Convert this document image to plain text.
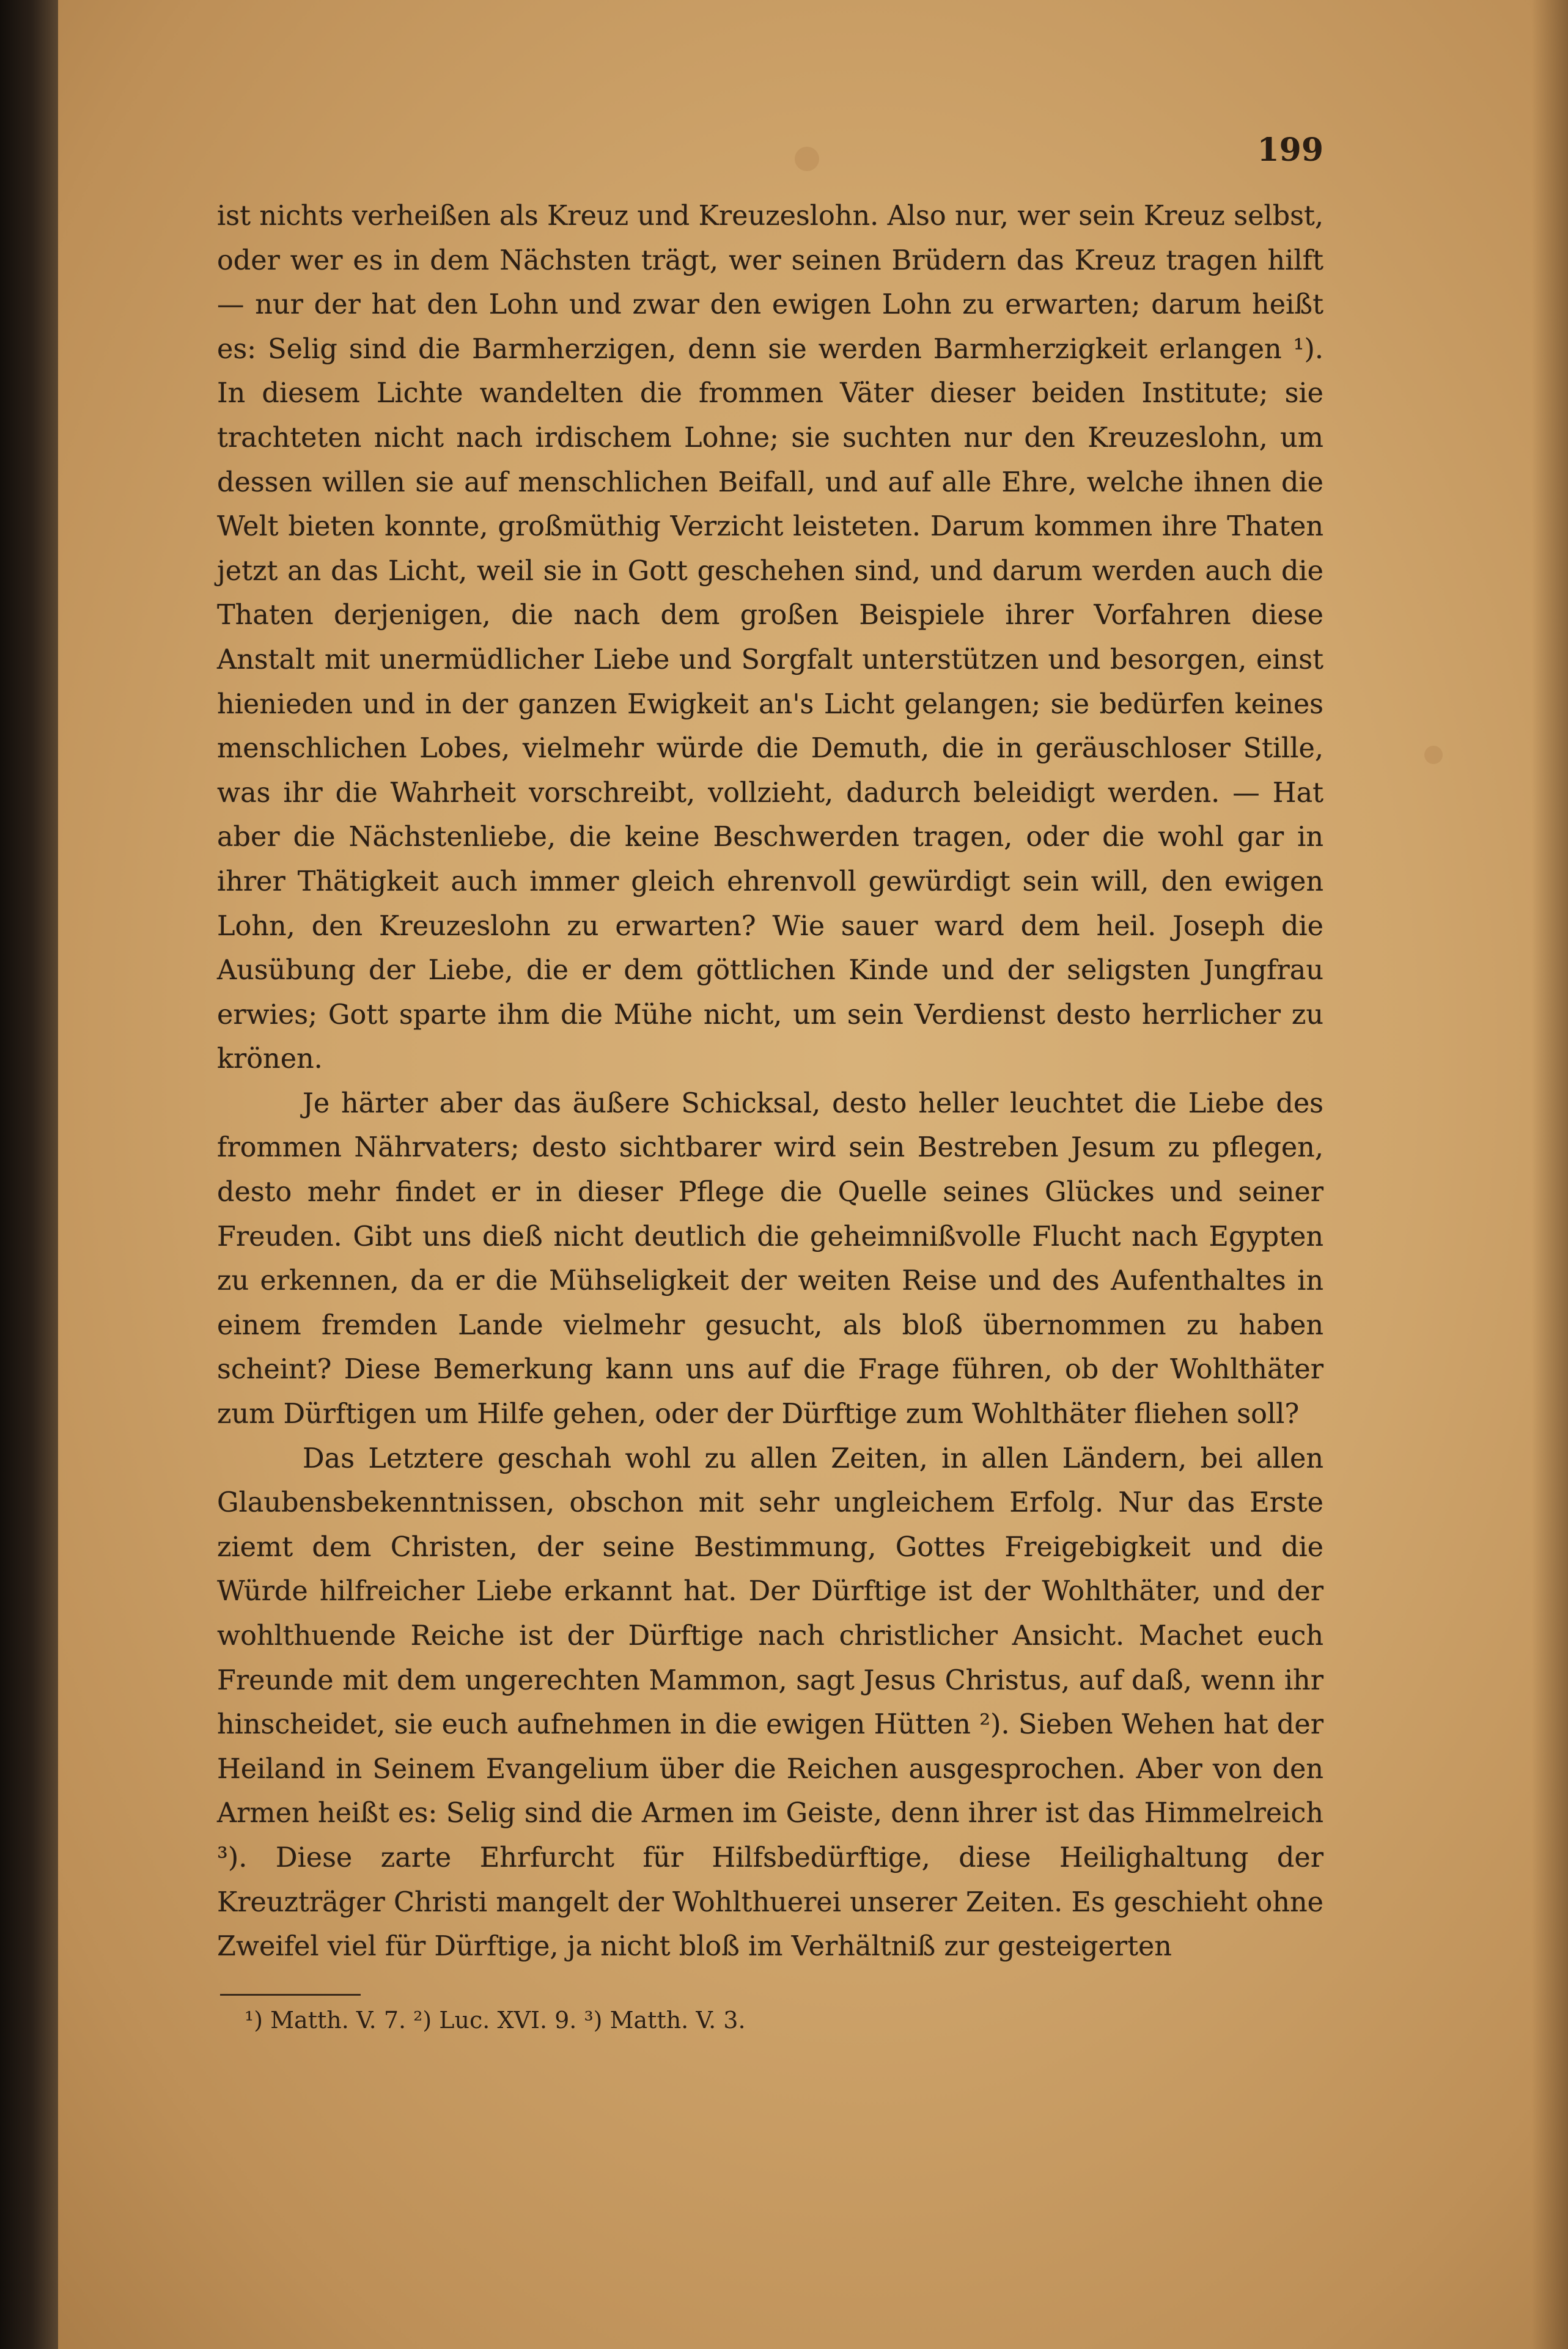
199

ist nichts verheißen als Kreuz und Kreuzeslohn. Also nur, wer sein Kreuz selbst, oder wer es in dem Nächsten trägt, wer seinen Brüdern das Kreuz tragen hilft — nur der hat den Lohn und zwar den ewigen Lohn zu erwarten; darum heißt es: Selig sind die Barmherzigen, denn sie werden Barmherzigkeit erlangen ¹). In diesem Lichte wandelten die frommen Väter dieser beiden Institute; sie trachteten nicht nach irdischem Lohne; sie suchten nur den Kreuzeslohn, um dessen willen sie auf menschlichen Beifall, und auf alle Ehre, welche ihnen die Welt bieten konnte, großmüthig Verzicht leisteten. Darum kommen ihre Thaten jetzt an das Licht, weil sie in Gott geschehen sind, und darum werden auch die Thaten derjenigen, die nach dem großen Beispiele ihrer Vorfahren diese Anstalt mit unermüdlicher Liebe und Sorgfalt unterstützen und besorgen, einst hienieden und in der ganzen Ewigkeit an's Licht gelangen; sie bedürfen keines menschlichen Lobes, vielmehr würde die Demuth, die in geräuschloser Stille, was ihr die Wahrheit vorschreibt, vollzieht, dadurch beleidigt werden. — Hat aber die Nächstenliebe, die keine Beschwerden tragen, oder die wohl gar in ihrer Thätigkeit auch immer gleich ehrenvoll gewürdigt sein will, den ewigen Lohn, den Kreuzeslohn zu erwarten? Wie sauer ward dem heil. Joseph die Ausübung der Liebe, die er dem göttlichen Kinde und der seligsten Jungfrau erwies; Gott sparte ihm die Mühe nicht, um sein Verdienst desto herrlicher zu krönen.

Je härter aber das äußere Schicksal, desto heller leuchtet die Liebe des frommen Nährvaters; desto sichtbarer wird sein Bestreben Jesum zu pflegen, desto mehr findet er in dieser Pflege die Quelle seines Glückes und seiner Freuden. Gibt uns dieß nicht deutlich die geheimnißvolle Flucht nach Egypten zu erkennen, da er die Mühseligkeit der weiten Reise und des Aufenthaltes in einem fremden Lande vielmehr gesucht, als bloß übernommen zu haben scheint? Diese Bemerkung kann uns auf die Frage führen, ob der Wohlthäter zum Dürftigen um Hilfe gehen, oder der Dürftige zum Wohlthäter fliehen soll?

Das Letztere geschah wohl zu allen Zeiten, in allen Ländern, bei allen Glaubensbekenntnissen, obschon mit sehr ungleichem Erfolg. Nur das Erste ziemt dem Christen, der seine Bestimmung, Gottes Freigebigkeit und die Würde hilfreicher Liebe erkannt hat. Der Dürftige ist der Wohlthäter, und der wohlthuende Reiche ist der Dürftige nach christlicher Ansicht. Machet euch Freunde mit dem ungerechten Mammon, sagt Jesus Christus, auf daß, wenn ihr hinscheidet, sie euch aufnehmen in die ewigen Hütten ²). Sieben Wehen hat der Heiland in Seinem Evangelium über die Reichen ausgesprochen. Aber von den Armen heißt es: Selig sind die Armen im Geiste, denn ihrer ist das Himmelreich ³). Diese zarte Ehrfurcht für Hilfsbedürftige, diese Heilighaltung der Kreuzträger Christi mangelt der Wohlthuerei unserer Zeiten. Es geschieht ohne Zweifel viel für Dürftige, ja nicht bloß im Verhältniß zur gesteigerten

¹) Matth. V. 7. ²) Luc. XVI. 9. ³) Matth. V. 3.
